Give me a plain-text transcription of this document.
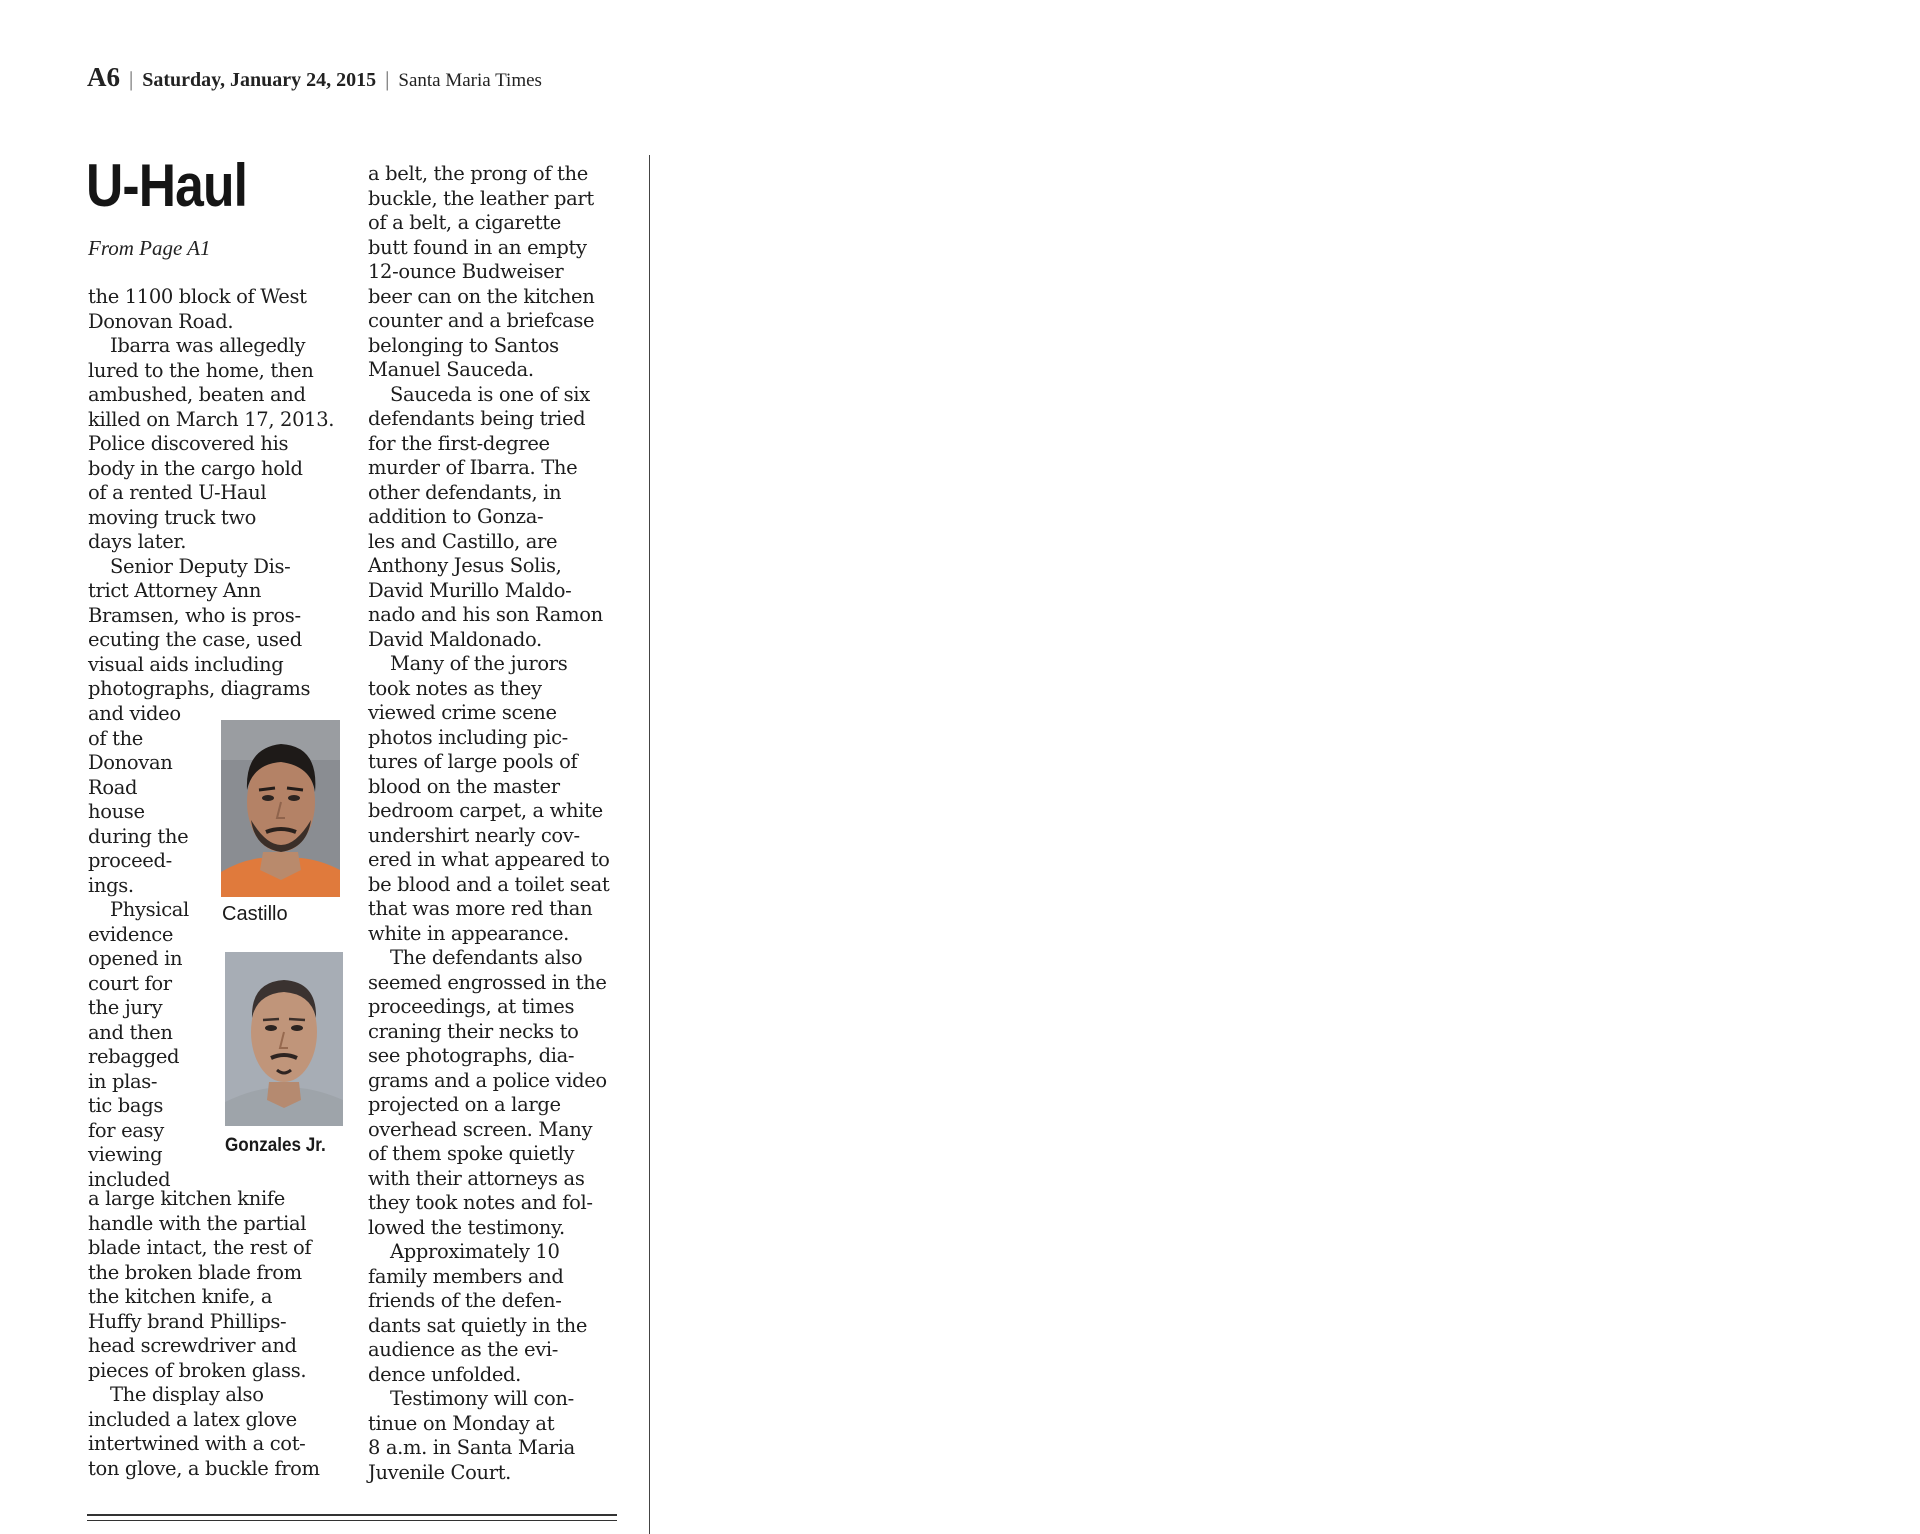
A6 | Saturday, January 24, 2015 | Santa Maria Times
U-Haul
From Page A1
the 1100 block of West
Donovan Road.
Ibarra was allegedly
lured to the home, then
ambushed, beaten and
killed on March 17, 2013.
Police discovered his
body in the cargo hold
of a rented U-Haul
moving truck two
days later.
Senior Deputy Dis-
trict Attorney Ann
Bramsen, who is pros-
ecuting the case, used
visual aids including
photographs, diagrams
and video
of the
Donovan
Road
house
during the
proceed-
ings.
Physical
evidence
opened in
court for
the jury
and then
rebagged
in plas-
tic bags
for easy
viewing
included
a large kitchen knife
handle with the partial
blade intact, the rest of
the broken blade from
the kitchen knife, a
Huffy brand Phillips-
head screwdriver and
pieces of broken glass.
The display also
included a latex glove
intertwined with a cot-
ton glove, a buckle from
a belt, the prong of the
buckle, the leather part
of a belt, a cigarette
butt found in an empty
12-ounce Budweiser
beer can on the kitchen
counter and a briefcase
belonging to Santos
Manuel Sauceda.
Sauceda is one of six
defendants being tried
for the first-degree
murder of Ibarra. The
other defendants, in
addition to Gonza-
les and Castillo, are
Anthony Jesus Solis,
David Murillo Maldo-
nado and his son Ramon
David Maldonado.
Many of the jurors
took notes as they
viewed crime scene
photos including pic-
tures of large pools of
blood on the master
bedroom carpet, a white
undershirt nearly cov-
ered in what appeared to
be blood and a toilet seat
that was more red than
white in appearance.
The defendants also
seemed engrossed in the
proceedings, at times
craning their necks to
see photographs, dia-
grams and a police video
projected on a large
overhead screen. Many
of them spoke quietly
with their attorneys as
they took notes and fol-
lowed the testimony.
Approximately 10
family members and
friends of the defen-
dants sat quietly in the
audience as the evi-
dence unfolded.
Testimony will con-
tinue on Monday at
8 a.m. in Santa Maria
Juvenile Court.
Castillo
Gonzales Jr.
